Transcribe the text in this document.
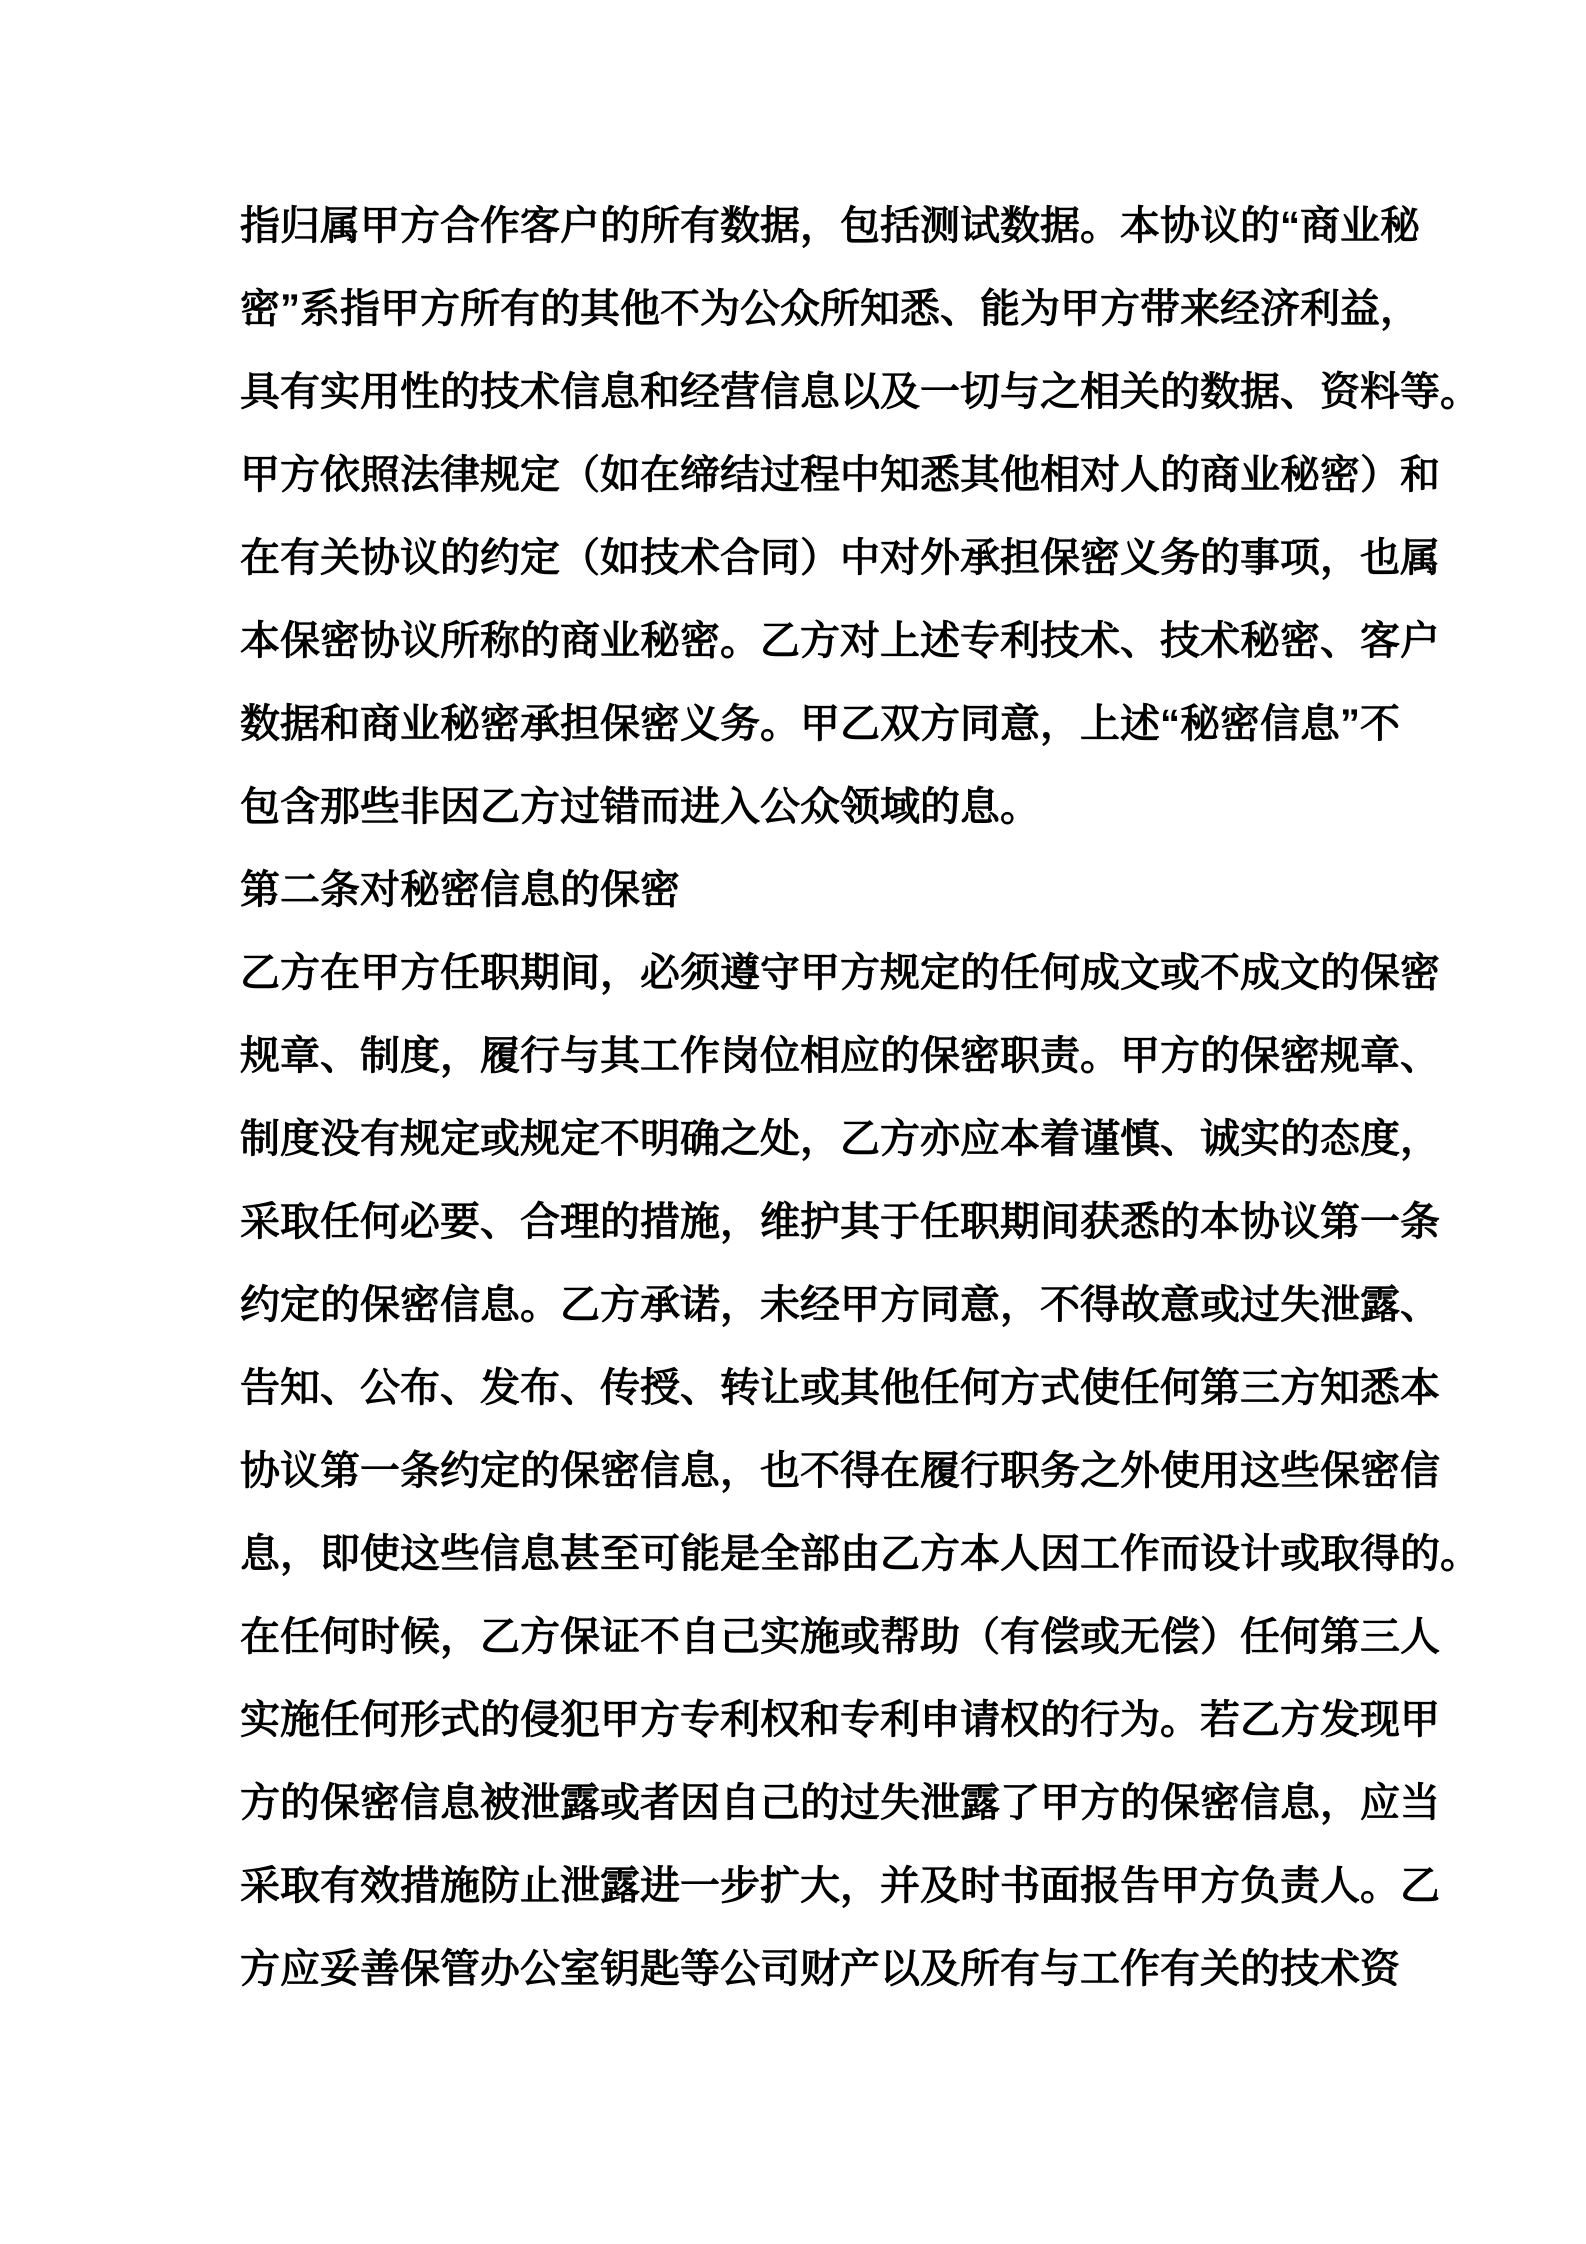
指归属甲方合作客户的所有数据，包括测试数据。本协议的“商业秘
密”系指甲方所有的其他不为公众所知悉、能为甲方带来经济利益，
具有实用性的技术信息和经营信息以及一切与之相关的数据、资料等。
甲方依照法律规定（如在缔结过程中知悉其他相对人的商业秘密）和
在有关协议的约定（如技术合同）中对外承担保密义务的事项，也属
本保密协议所称的商业秘密。乙方对上述专利技术、技术秘密、客户
数据和商业秘密承担保密义务。甲乙双方同意，上述“秘密信息”不
包含那些非因乙方过错而进入公众领域的息。
第二条对秘密信息的保密
乙方在甲方任职期间，必须遵守甲方规定的任何成文或不成文的保密
规章、制度，履行与其工作岗位相应的保密职责。甲方的保密规章、
制度没有规定或规定不明确之处，乙方亦应本着谨慎、诚实的态度，
采取任何必要、合理的措施，维护其于任职期间获悉的本协议第一条
约定的保密信息。乙方承诺，未经甲方同意，不得故意或过失泄露、
告知、公布、发布、传授、转让或其他任何方式使任何第三方知悉本
协议第一条约定的保密信息，也不得在履行职务之外使用这些保密信
息，即使这些信息甚至可能是全部由乙方本人因工作而设计或取得的。
在任何时候，乙方保证不自己实施或帮助（有偿或无偿）任何第三人
实施任何形式的侵犯甲方专利权和专利申请权的行为。若乙方发现甲
方的保密信息被泄露或者因自己的过失泄露了甲方的保密信息，应当
采取有效措施防止泄露进一步扩大，并及时书面报告甲方负责人。乙
方应妥善保管办公室钥匙等公司财产以及所有与工作有关的技术资
